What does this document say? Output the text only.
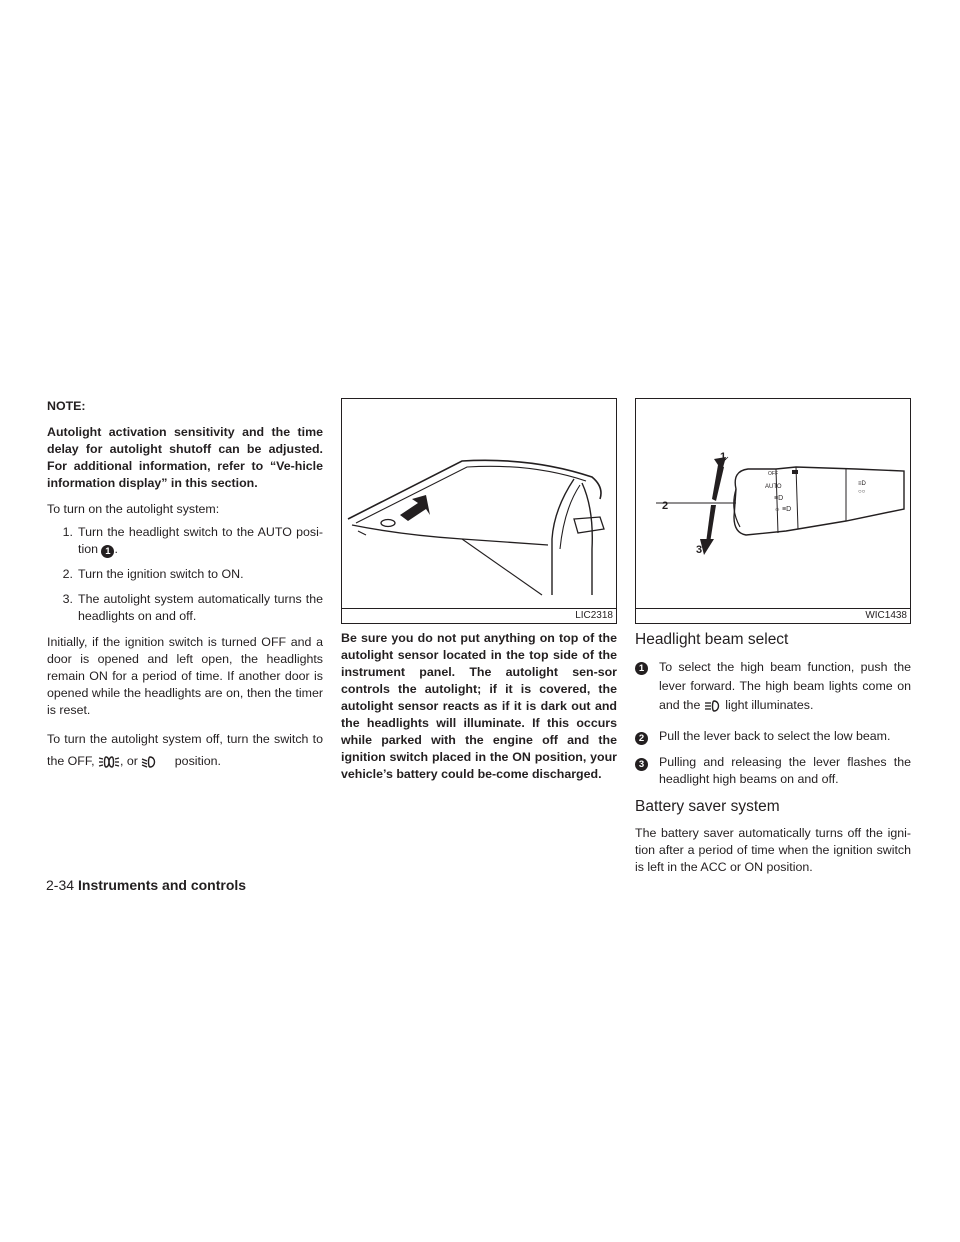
NOTE:

Autolight activation sensitivity and the time delay for autolight shutoff can be adjusted. For additional information, refer to “Ve-hicle information display” in this section.

To turn on the autolight system:

1. Turn the headlight switch to the AUTO posi-tion 1 .
2. Turn the ignition switch to ON.
3. The autolight system automatically turns the headlights on and off.

Initially, if the ignition switch is turned OFF and a door is opened and left open, the headlights remain ON for a period of time. If another door is opened while the headlights are on, then the timer is reset.

To turn the autolight system off, turn the switch to the OFF, , or	position.

LIC2318

Be sure you do not put anything on top of the autolight sensor located in the top side of the instrument panel. The autolight sen-sor controls the autolight; if it is covered, the autolight sensor reacts as if it is dark out and the headlights will illuminate. If this occurs while parked with the engine off and the ignition switch placed in the ON position, your vehicle’s battery could be-come discharged.

OFF
AUTO
≡D
☼ ≡D
≡D
○○
1
2
3
WIC1438
Headlight beam select
1	To select the high beam function, push the lever forward. The high beam lights come on and the light illuminates.
2	Pull the lever back to select the low beam.
3	Pulling and releasing the lever flashes the headlight high beams on and off.
Battery saver system

The battery saver automatically turns off the igni-tion after a period of time when the ignition switch is left in the ACC or ON position.

2-34 Instruments and controls
